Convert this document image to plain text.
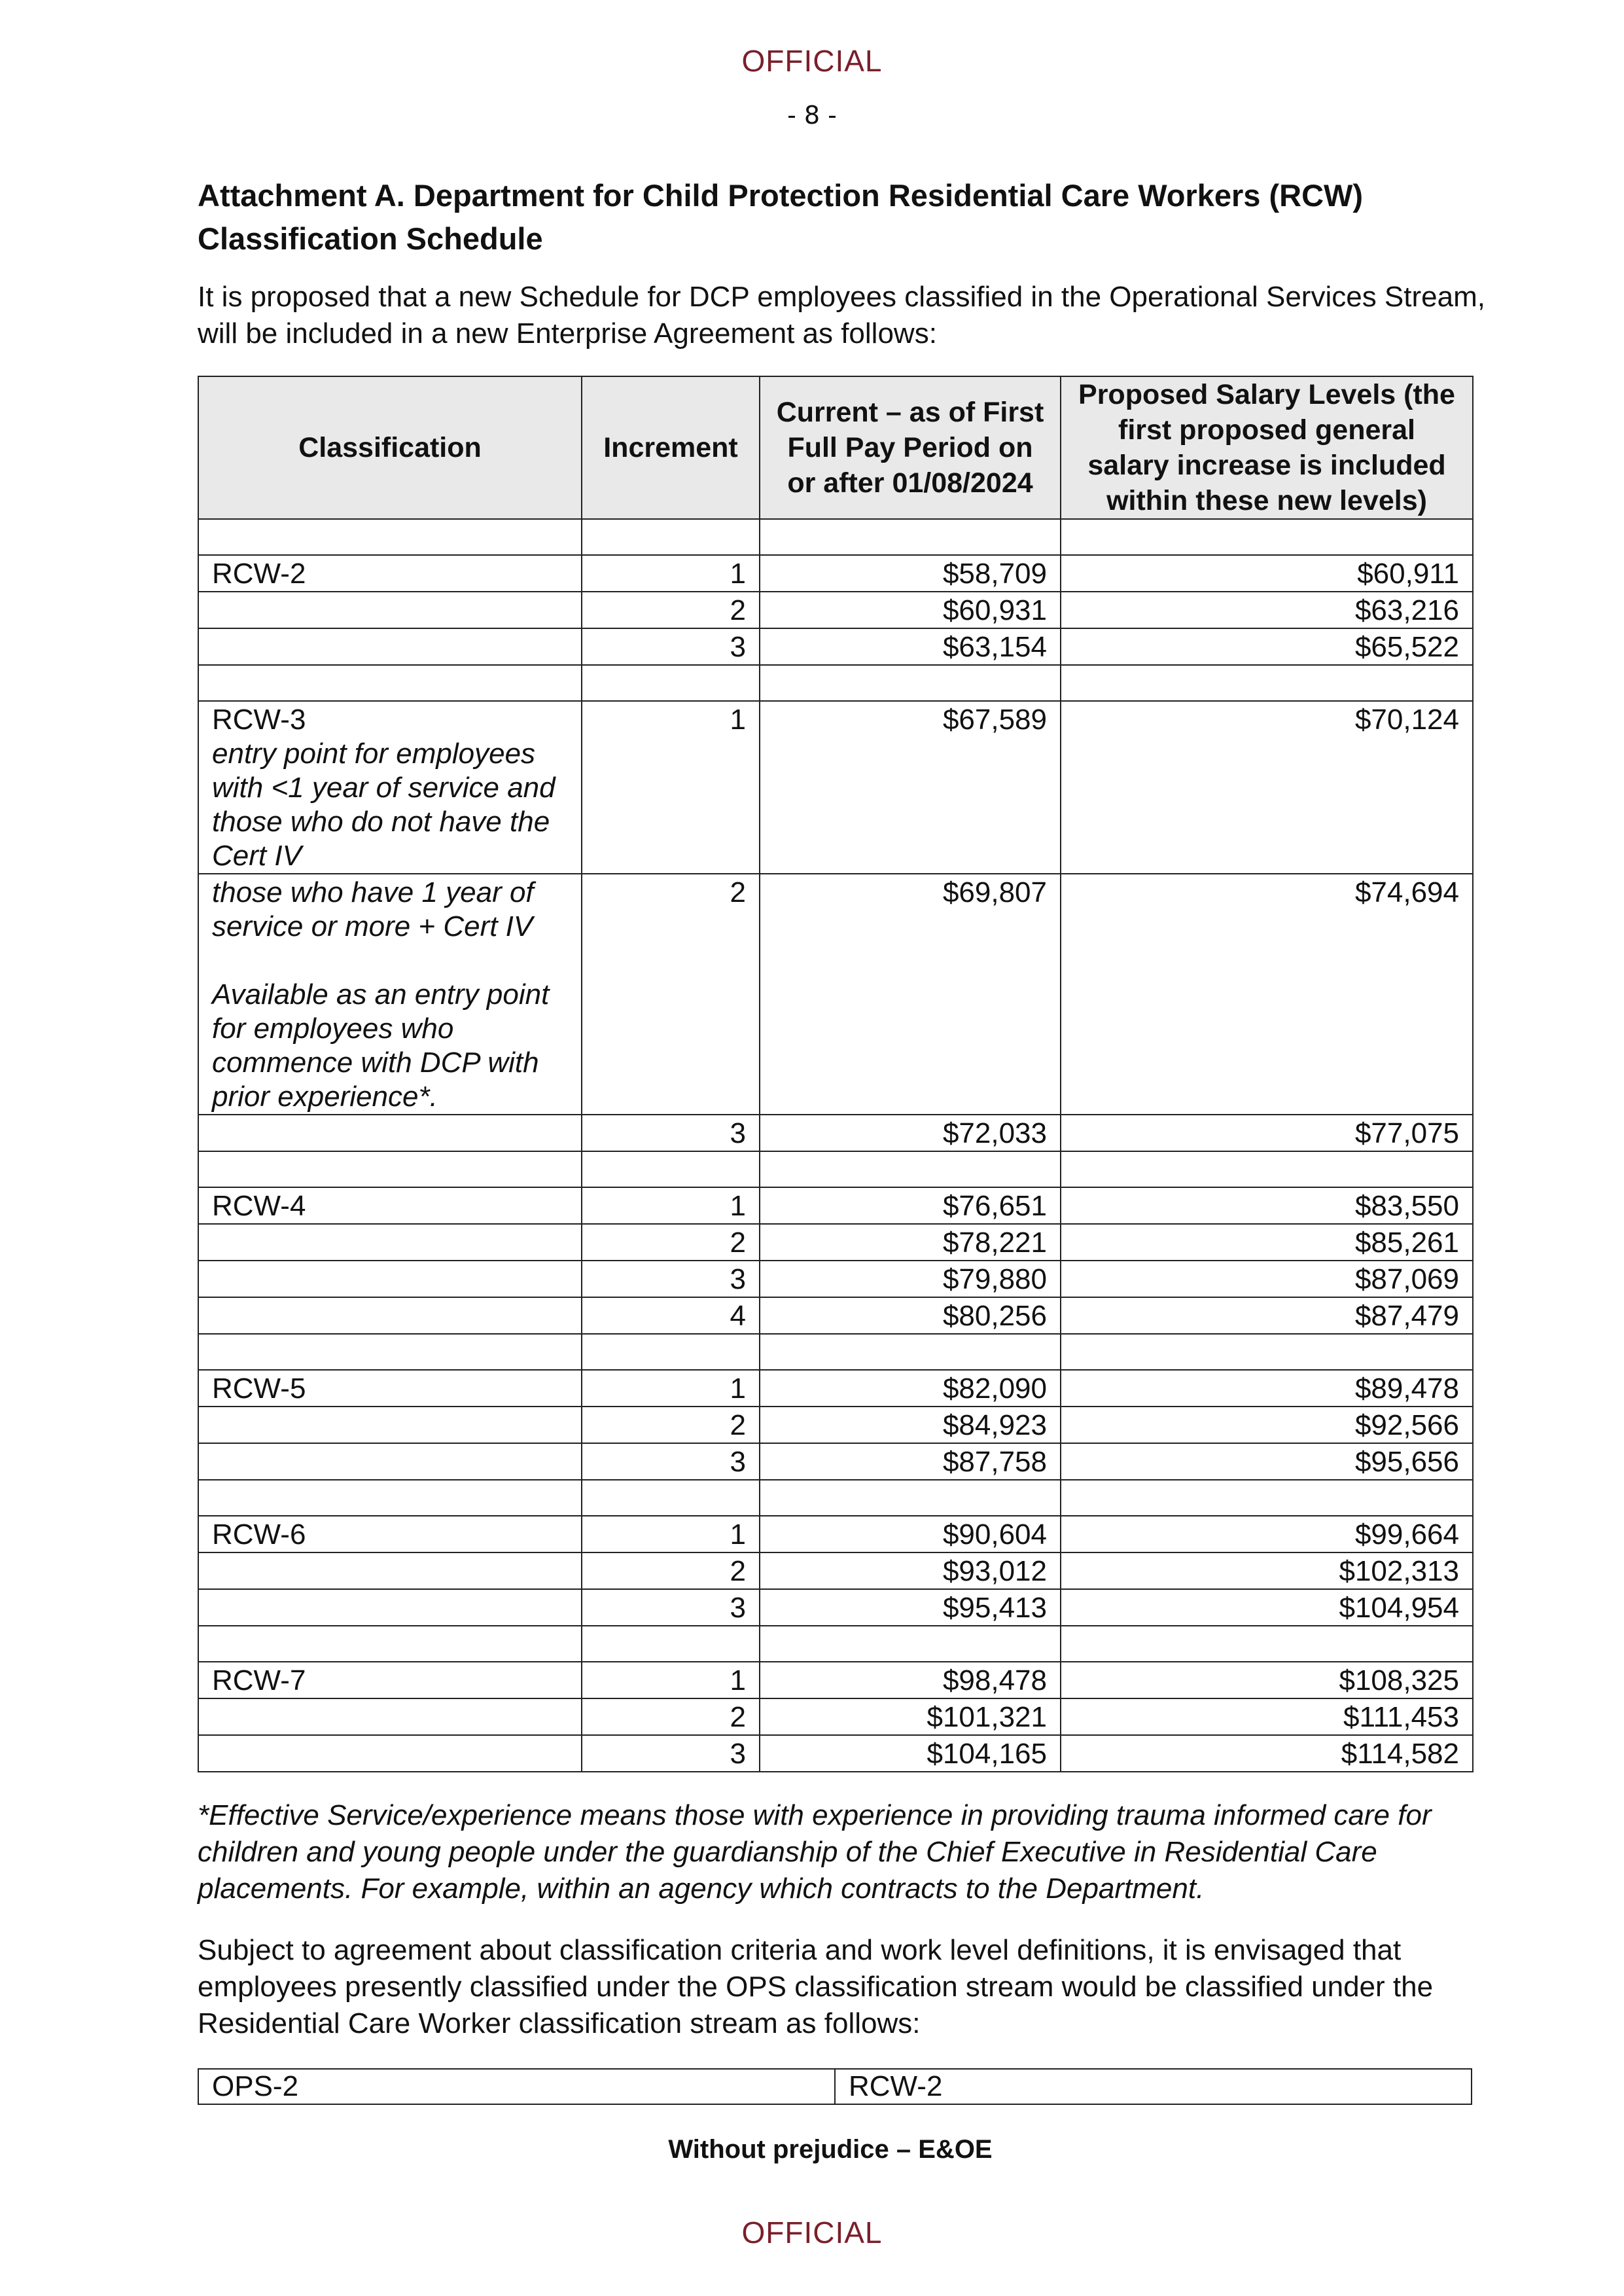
OFFICIAL
- 8 -
Attachment A. Department for Child Protection Residential Care Workers (RCW) Classification Schedule
It is proposed that a new Schedule for DCP employees classified in the Operational Services Stream, will be included in a new Enterprise Agreement as follows:
Classification	Increment	Current – as of First Full Pay Period on or after 01/08/2024	Proposed Salary Levels (the first proposed general salary increase is included within these new levels)

RCW-2	1	$58,709	$60,911
	2	$60,931	$63,216
	3	$63,154	$65,522

RCW-3
entry point for employees with <1 year of service and those who do not have the Cert IV	1	$67,589	$70,124

those who have 1 year of service or more + Cert IV
Available as an entry point for employees who commence with DCP with prior experience*.	2	$69,807	$74,694
	3	$72,033	$77,075

RCW-4	1	$76,651	$83,550
	2	$78,221	$85,261
	3	$79,880	$87,069
	4	$80,256	$87,479

RCW-5	1	$82,090	$89,478
	2	$84,923	$92,566
	3	$87,758	$95,656

RCW-6	1	$90,604	$99,664
	2	$93,012	$102,313
	3	$95,413	$104,954

RCW-7	1	$98,478	$108,325
	2	$101,321	$111,453
	3	$104,165	$114,582
*Effective Service/experience means those with experience in providing trauma informed care for children and young people under the guardianship of the Chief Executive in Residential Care placements. For example, within an agency which contracts to the Department.
Subject to agreement about classification criteria and work level definitions, it is envisaged that employees presently classified under the OPS classification stream would be classified under the Residential Care Worker classification stream as follows:
OPS-2	RCW-2
Without prejudice – E&OE
OFFICIAL
